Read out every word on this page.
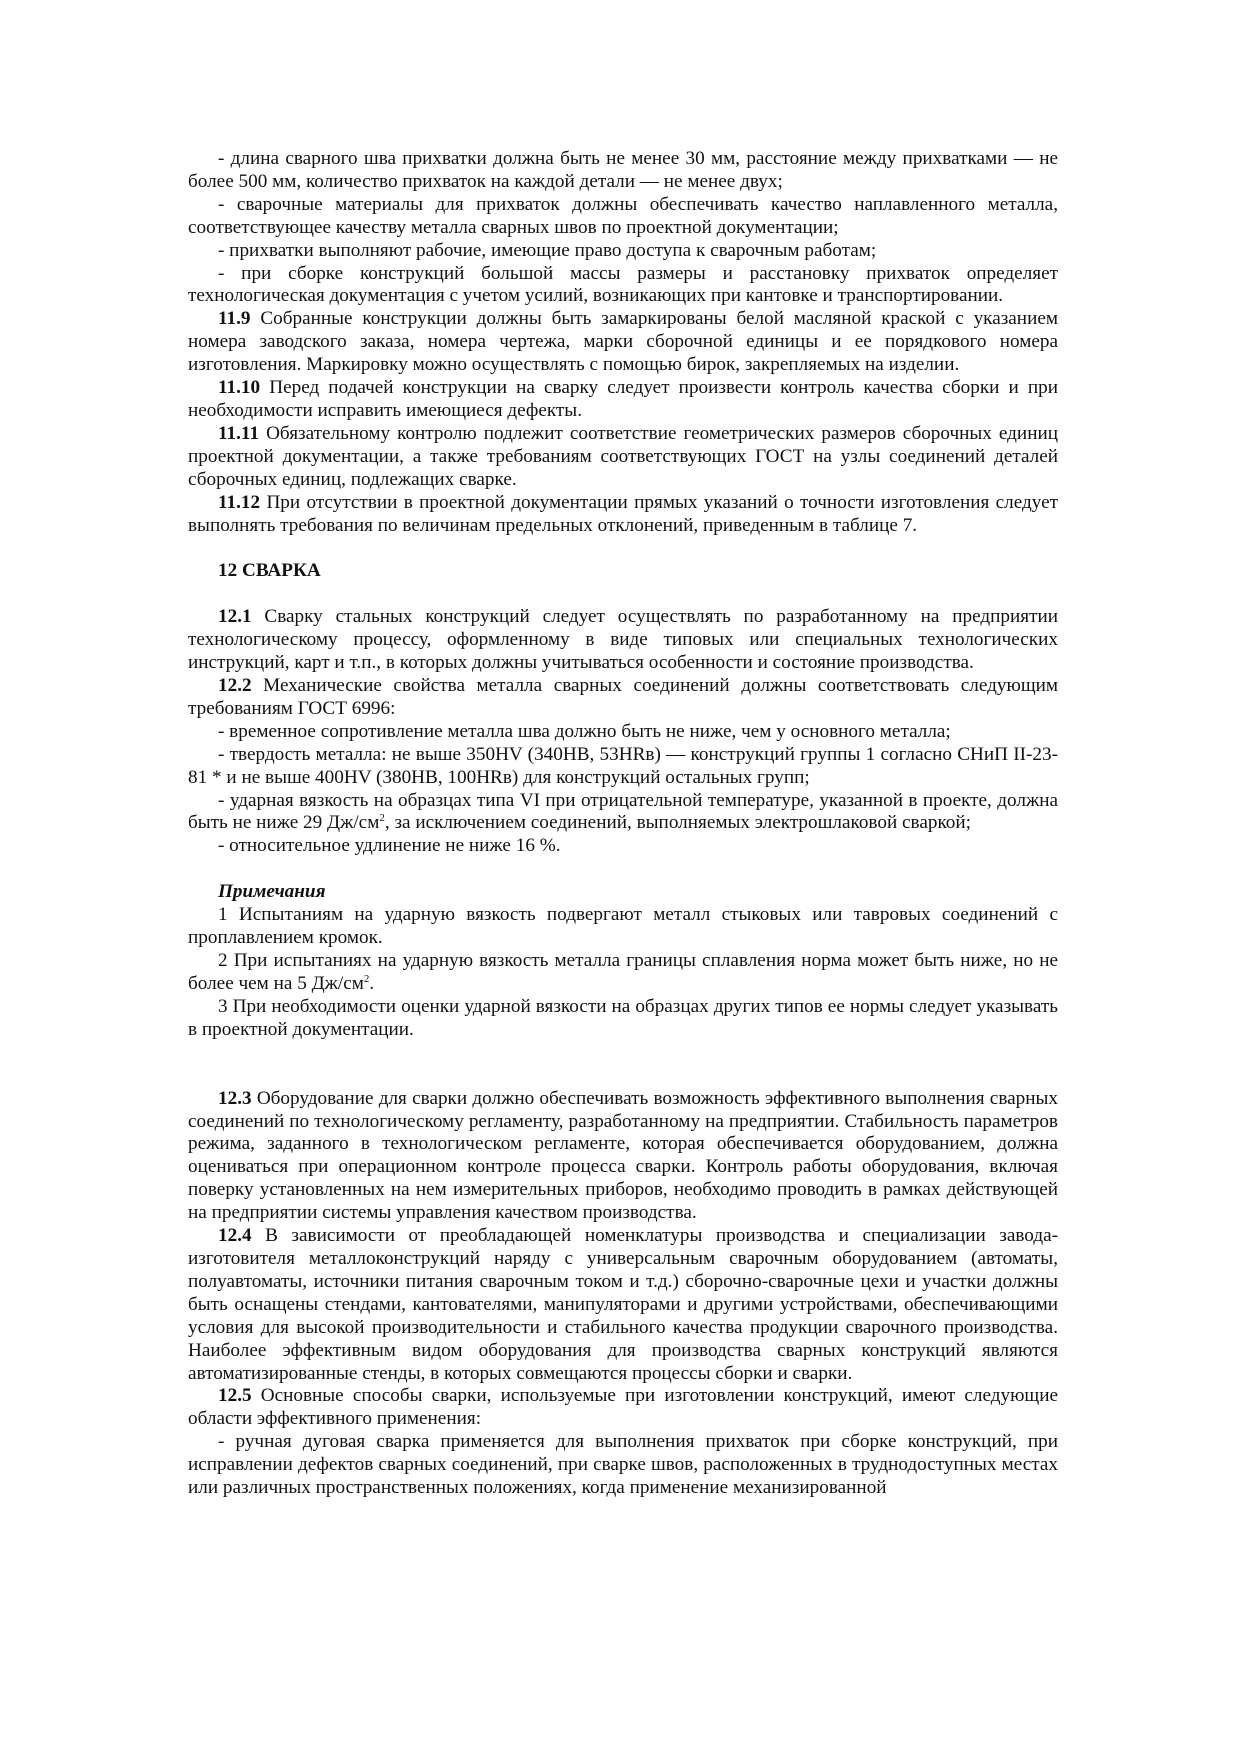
- длина сварного шва прихватки должна быть не менее 30 мм, расстояние между прихватками — не более 500 мм, количество прихваток на каждой детали — не менее двух;

- сварочные материалы для прихваток должны обеспечивать качество наплавленного металла, соответствующее качеству металла сварных швов по проектной документации;

- прихватки выполняют рабочие, имеющие право доступа к сварочным работам;

- при сборке конструкций большой массы размеры и расстановку прихваток определяет технологическая документация с учетом усилий, возникающих при кантовке и транспортировании.

11.9 Собранные конструкции должны быть замаркированы белой масляной краской с указанием номера заводского заказа, номера чертежа, марки сборочной единицы и ее порядкового номера изготовления. Маркировку можно осуществлять с помощью бирок, закрепляемых на изделии.

11.10 Перед подачей конструкции на сварку следует произвести контроль качества сборки и при необходимости исправить имеющиеся дефекты.

11.11 Обязательному контролю подлежит соответствие геометрических размеров сборочных единиц проектной документации, а также требованиям соответствующих ГОСТ на узлы соединений деталей сборочных единиц, подлежащих сварке.

11.12 При отсутствии в проектной документации прямых указаний о точности изготовления следует выполнять требования по величинам предельных отклонений, приведенным в таблице 7.

12 СВАРКА

12.1 Сварку стальных конструкций следует осуществлять по разработанному на предприятии технологическому процессу, оформленному в виде типовых или специальных технологических инструкций, карт и т.п., в которых должны учитываться особенности и состояние производства.

12.2 Механические свойства металла сварных соединений должны соответствовать следующим требованиям ГОСТ 6996:

- временное сопротивление металла шва должно быть не ниже, чем у основного металла;

- твердость металла: не выше 350HV (340HB, 53HRв) — конструкций группы 1 согласно СНиП II-23-81 * и не выше 400HV (380HB, 100HRв) для конструкций остальных групп;

- ударная вязкость на образцах типа VI при отрицательной температуре, указанной в проекте, должна быть не ниже 29 $Дж/см^2$, за исключением соединений, выполняемых электрошлаковой сваркой;

- относительное удлинение не ниже 16 %.

Примечания

1 Испытаниям на ударную вязкость подвергают металл стыковых или тавровых соединений с проплавлением кромок.

2 При испытаниях на ударную вязкость металла границы сплавления норма может быть ниже, но не более чем на 5 $Дж/см^2$.

3 При необходимости оценки ударной вязкости на образцах других типов ее нормы следует указывать в проектной документации.

12.3 Оборудование для сварки должно обеспечивать возможность эффективного выполнения сварных соединений по технологическому регламенту, разработанному на предприятии. Стабильность параметров режима, заданного в технологическом регламенте, которая обеспечивается оборудованием, должна оцениваться при операционном контроле процесса сварки. Контроль работы оборудования, включая поверку установленных на нем измерительных приборов, необходимо проводить в рамках действующей на предприятии системы управления качеством производства.

12.4 В зависимости от преобладающей номенклатуры производства и специализации завода-изготовителя металлоконструкций наряду с универсальным сварочным оборудованием (автоматы, полуавтоматы, источники питания сварочным током и т.д.) сборочно-сварочные цехи и участки должны быть оснащены стендами, кантователями, манипуляторами и другими устройствами, обеспечивающими условия для высокой производительности и стабильного качества продукции сварочного производства. Наиболее эффективным видом оборудования для производства сварных конструкций являются автоматизированные стенды, в которых совмещаются процессы сборки и сварки.

12.5 Основные способы сварки, используемые при изготовлении конструкций, имеют следующие области эффективного применения:

- ручная дуговая сварка применяется для выполнения прихваток при сборке конструкций, при исправлении дефектов сварных соединений, при сварке швов, расположенных в труднодоступных местах или различных пространственных положениях, когда применение механизированной
